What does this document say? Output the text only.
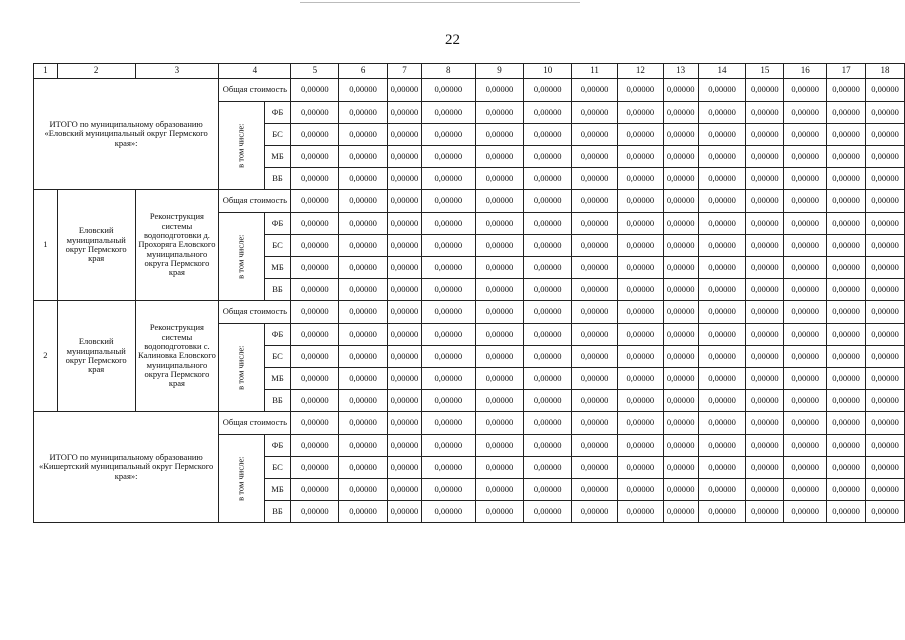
22
1	2	3	4		5	6	7	8	9	10	11	12	13	14	15	16	17	18
ИТОГО по муниципальному образованию «Еловский муниципальный округ Пермского края»:			Общая стоимость		0,00000	0,00000	0,00000	0,00000	0,00000	0,00000	0,00000	0,00000	0,00000	0,00000	0,00000	0,00000	0,00000	0,00000
			в том числе:	ФБ	0,00000	0,00000	0,00000	0,00000	0,00000	0,00000	0,00000	0,00000	0,00000	0,00000	0,00000	0,00000	0,00000	0,00000
				БС	0,00000	0,00000	0,00000	0,00000	0,00000	0,00000	0,00000	0,00000	0,00000	0,00000	0,00000	0,00000	0,00000	0,00000
				МБ	0,00000	0,00000	0,00000	0,00000	0,00000	0,00000	0,00000	0,00000	0,00000	0,00000	0,00000	0,00000	0,00000	0,00000
				ВБ	0,00000	0,00000	0,00000	0,00000	0,00000	0,00000	0,00000	0,00000	0,00000	0,00000	0,00000	0,00000	0,00000	0,00000
1	Еловский муниципальный округ Пермского края	Реконструкция системы водоподготовки д. Прохоряга Еловского муниципального округа Пермского края	Общая стоимость		0,00000	0,00000	0,00000	0,00000	0,00000	0,00000	0,00000	0,00000	0,00000	0,00000	0,00000	0,00000	0,00000	0,00000
			в том числе:	ФБ	0,00000	0,00000	0,00000	0,00000	0,00000	0,00000	0,00000	0,00000	0,00000	0,00000	0,00000	0,00000	0,00000	0,00000
				БС	0,00000	0,00000	0,00000	0,00000	0,00000	0,00000	0,00000	0,00000	0,00000	0,00000	0,00000	0,00000	0,00000	0,00000
				МБ	0,00000	0,00000	0,00000	0,00000	0,00000	0,00000	0,00000	0,00000	0,00000	0,00000	0,00000	0,00000	0,00000	0,00000
				ВБ	0,00000	0,00000	0,00000	0,00000	0,00000	0,00000	0,00000	0,00000	0,00000	0,00000	0,00000	0,00000	0,00000	0,00000
2	Еловский муниципальный округ Пермского края	Реконструкция системы водоподготовки с. Калиновка Еловского муниципального округа Пермского края	Общая стоимость		0,00000	0,00000	0,00000	0,00000	0,00000	0,00000	0,00000	0,00000	0,00000	0,00000	0,00000	0,00000	0,00000	0,00000
			в том числе:	ФБ	0,00000	0,00000	0,00000	0,00000	0,00000	0,00000	0,00000	0,00000	0,00000	0,00000	0,00000	0,00000	0,00000	0,00000
				БС	0,00000	0,00000	0,00000	0,00000	0,00000	0,00000	0,00000	0,00000	0,00000	0,00000	0,00000	0,00000	0,00000	0,00000
				МБ	0,00000	0,00000	0,00000	0,00000	0,00000	0,00000	0,00000	0,00000	0,00000	0,00000	0,00000	0,00000	0,00000	0,00000
				ВБ	0,00000	0,00000	0,00000	0,00000	0,00000	0,00000	0,00000	0,00000	0,00000	0,00000	0,00000	0,00000	0,00000	0,00000
ИТОГО по муниципальному образованию «Кишертский муниципальный округ Пермского края»:			Общая стоимость		0,00000	0,00000	0,00000	0,00000	0,00000	0,00000	0,00000	0,00000	0,00000	0,00000	0,00000	0,00000	0,00000	0,00000
			в том числе:	ФБ	0,00000	0,00000	0,00000	0,00000	0,00000	0,00000	0,00000	0,00000	0,00000	0,00000	0,00000	0,00000	0,00000	0,00000
				БС	0,00000	0,00000	0,00000	0,00000	0,00000	0,00000	0,00000	0,00000	0,00000	0,00000	0,00000	0,00000	0,00000	0,00000
				МБ	0,00000	0,00000	0,00000	0,00000	0,00000	0,00000	0,00000	0,00000	0,00000	0,00000	0,00000	0,00000	0,00000	0,00000
				ВБ	0,00000	0,00000	0,00000	0,00000	0,00000	0,00000	0,00000	0,00000	0,00000	0,00000	0,00000	0,00000	0,00000	0,00000
